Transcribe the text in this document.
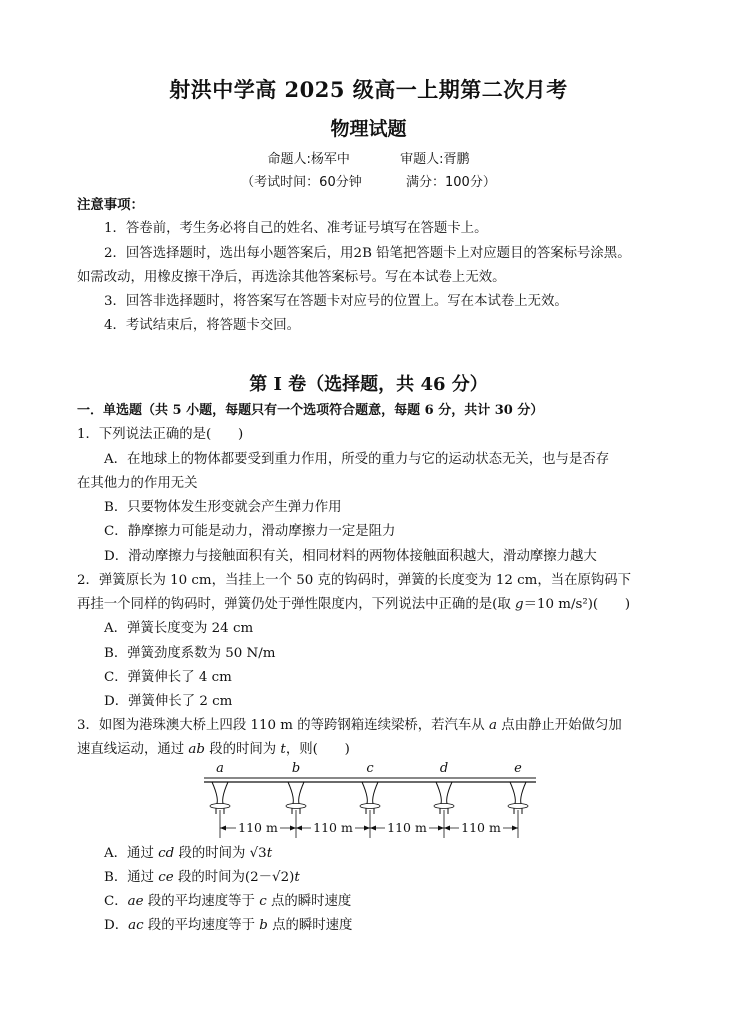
射洪中学高 2025 级高一上期第二次月考
物理试题
命题人:杨军中	审题人:胥鹏
（考试时间：60分钟	满分：100分）
注意事项：
1．答卷前，考生务必将自己的姓名、准考证号填写在答题卡上。
2．回答选择题时，选出每小题答案后，用2B 铅笔把答题卡上对应题目的答案标号涂黑。
如需改动，用橡皮擦干净后，再选涂其他答案标号。写在本试卷上无效。
3．回答非选择题时，将答案写在答题卡对应号的位置上。写在本试卷上无效。
4．考试结束后，将答题卡交回。
第 I 卷（选择题，共 46 分）
一．单选题（共 5 小题，每题只有一个选项符合题意，每题 6 分，共计 30 分）
1．下列说法正确的是(　　)
A．在地球上的物体都要受到重力作用，所受的重力与它的运动状态无关，也与是否存
在其他力的作用无关
B．只要物体发生形变就会产生弹力作用
C．静摩擦力可能是动力，滑动摩擦力一定是阻力
D．滑动摩擦力与接触面积有关，相同材料的两物体接触面积越大，滑动摩擦力越大
2．弹簧原长为 10 cm，当挂上一个 50 克的钩码时，弹簧的长度变为 12 cm，当在原钩码下
再挂一个同样的钩码时，弹簧仍处于弹性限度内，下列说法中正确的是(取 g＝10 m/s²)(　　)
A．弹簧长度变为 24 cm
B．弹簧劲度系数为 50 N/m
C．弹簧伸长了 4 cm
D．弹簧伸长了 2 cm
3．如图为港珠澳大桥上四段 110 m 的等跨钢箱连续梁桥，若汽车从 a 点由静止开始做匀加
速直线运动，通过 ab 段的时间为 t，则(　　)
a	b	c	d	e
110 m	110 m	110 m	110 m
A．通过 cd 段的时间为 √3t
B．通过 ce 段的时间为(2－√2)t
C．ae 段的平均速度等于 c 点的瞬时速度
D．ac 段的平均速度等于 b 点的瞬时速度
